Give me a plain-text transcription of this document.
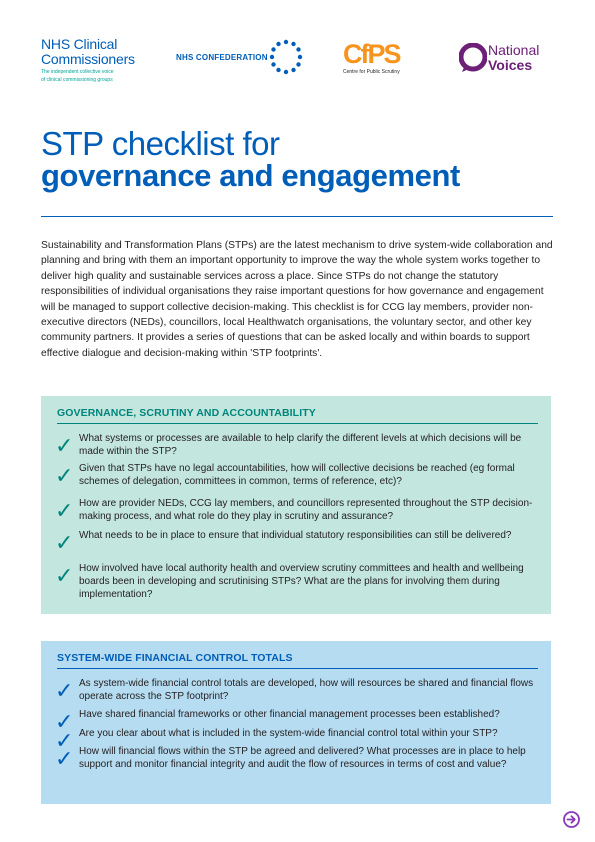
NHS Clinical
Commissioners
The independent collective voice
of clinical commissioning groups
NHS CONFEDERATION	CfPS
Centre for Public Scrutiny
National
Voices
STP checklist for
governance and engagement
Sustainability and Transformation Plans (STPs) are the latest mechanism to drive system-wide collaboration and planning and bring with them an important opportunity to improve the way the whole system works together to deliver high quality and sustainable services across a place. Since STPs do not change the statutory responsibilities of individual organisations they raise important questions for how governance and engagement will be managed to support collective decision-making. This checklist is for CCG lay members, provider non-executive directors (NEDs), councillors, local Healthwatch organisations, the voluntary sector, and other key community partners. It provides a series of questions that can be asked locally and within boards to support effective dialogue and decision-making within 'STP footprints'.
GOVERNANCE, SCRUTINY AND ACCOUNTABILITY
✓ What systems or processes are available to help clarify the different levels at which decisions will be made within the STP?
✓ Given that STPs have no legal accountabilities, how will collective decisions be reached (eg formal schemes of delegation, committees in common, terms of reference, etc)?
✓ How are provider NEDs, CCG lay members, and councillors represented throughout the STP decision-making process, and what role do they play in scrutiny and assurance?
✓ What needs to be in place to ensure that individual statutory responsibilities can still be delivered?
✓ How involved have local authority health and overview scrutiny committees and health and wellbeing boards been in developing and scrutinising STPs? What are the plans for involving them during implementation?
SYSTEM-WIDE FINANCIAL CONTROL TOTALS
✓ As system-wide financial control totals are developed, how will resources be shared and financial flows operate across the STP footprint?
✓ Have shared financial frameworks or other financial management processes been established?
✓ Are you clear about what is included in the system-wide financial control total within your STP?
✓ How will financial flows within the STP be agreed and delivered? What processes are in place to help support and monitor financial integrity and audit the flow of resources in terms of cost and value?
